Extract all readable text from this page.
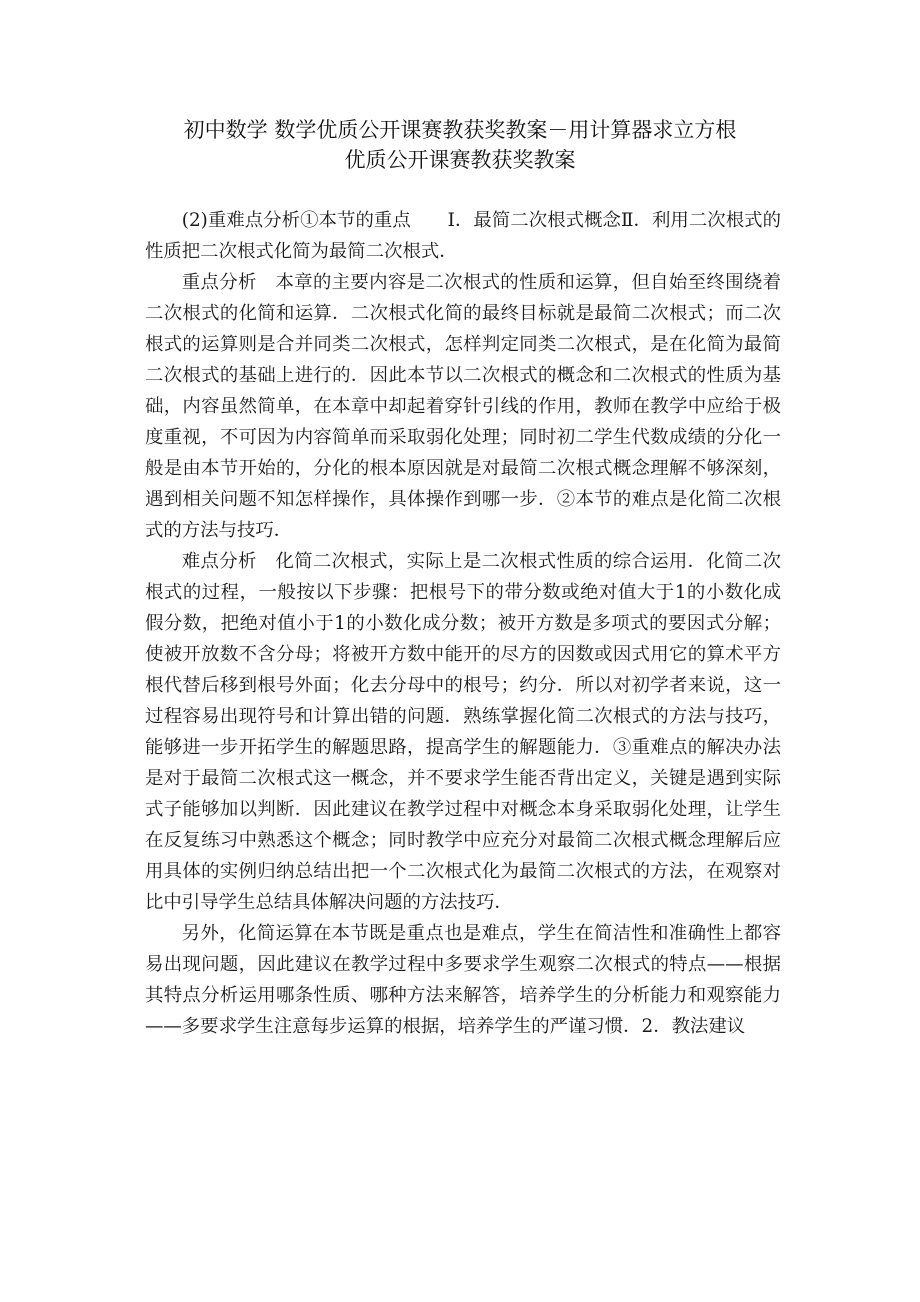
初中数学 数学优质公开课赛教获奖教案－用计算器求立方根
优质公开课赛教获奖教案

(2)重难点分析①本节的重点　　Ⅰ．最简二次根式概念Ⅱ．利用二次根式的性质把二次根式化简为最简二次根式．

重点分析　本章的主要内容是二次根式的性质和运算，但自始至终围绕着二次根式的化简和运算．二次根式化简的最终目标就是最简二次根式；而二次根式的运算则是合并同类二次根式，怎样判定同类二次根式，是在化简为最简二次根式的基础上进行的．因此本节以二次根式的概念和二次根式的性质为基础，内容虽然简单，在本章中却起着穿针引线的作用，教师在教学中应给于极度重视，不可因为内容简单而采取弱化处理；同时初二学生代数成绩的分化一般是由本节开始的，分化的根本原因就是对最简二次根式概念理解不够深刻，遇到相关问题不知怎样操作，具体操作到哪一步．②本节的难点是化简二次根式的方法与技巧．

难点分析　化简二次根式，实际上是二次根式性质的综合运用．化简二次根式的过程，一般按以下步骤：把根号下的带分数或绝对值大于1的小数化成假分数，把绝对值小于1的小数化成分数；被开方数是多项式的要因式分解；使被开放数不含分母；将被开方数中能开的尽方的因数或因式用它的算术平方根代替后移到根号外面；化去分母中的根号；约分．所以对初学者来说，这一过程容易出现符号和计算出错的问题．熟练掌握化简二次根式的方法与技巧，能够进一步开拓学生的解题思路，提高学生的解题能力．③重难点的解决办法是对于最简二次根式这一概念，并不要求学生能否背出定义，关键是遇到实际式子能够加以判断．因此建议在教学过程中对概念本身采取弱化处理，让学生在反复练习中熟悉这个概念；同时教学中应充分对最简二次根式概念理解后应用具体的实例归纳总结出把一个二次根式化为最简二次根式的方法，在观察对比中引导学生总结具体解决问题的方法技巧．

另外，化简运算在本节既是重点也是难点，学生在简洁性和准确性上都容易出现问题，因此建议在教学过程中多要求学生观察二次根式的特点——根据其特点分析运用哪条性质、哪种方法来解答，培养学生的分析能力和观察能力——多要求学生注意每步运算的根据，培养学生的严谨习惯．2．教法建议
